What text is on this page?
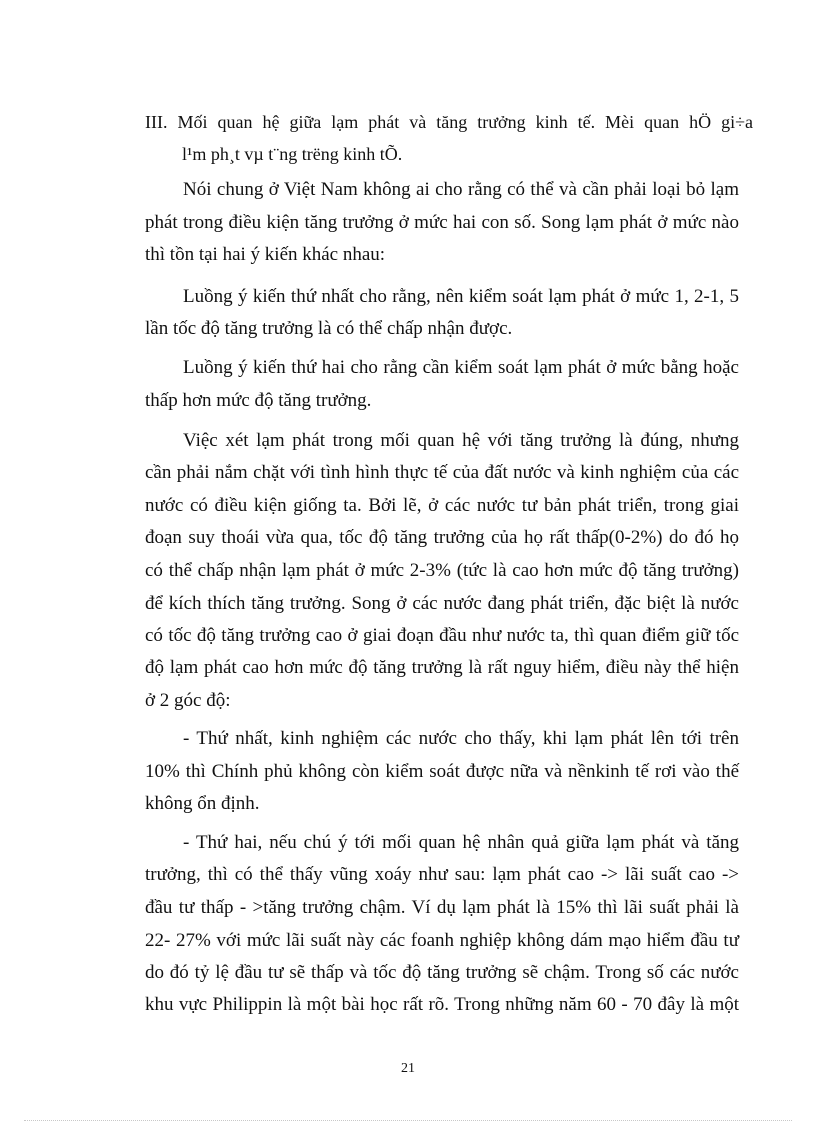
III. Mối quan hệ giữa lạm phát và tăng trưởng kinh tế. Mèi quan hÖ gi÷a
l¹m ph¸t vµ t¨ng trëng kinh tÕ.
Nói chung ở Việt Nam không ai cho rằng có thể và cần phải loại bỏ lạm
phát trong điều kiện tăng trưởng ở mức hai con số. Song lạm phát ở mức nào
thì tồn tại hai ý kiến khác nhau:
Luồng ý kiến thứ nhất cho rằng, nên kiểm soát lạm phát ở mức 1, 2-1, 5
lần tốc độ tăng trưởng là có thể chấp nhận được.
Luồng ý kiến thứ hai cho rằng cần kiểm soát lạm phát ở mức bằng hoặc
thấp hơn mức độ tăng trưởng.
Việc xét lạm phát trong mối quan hệ với tăng trưởng là đúng, nhưng
cần phải nắm chặt với tình hình thực tế của đất nước và kinh nghiệm của các
nước có điều kiện giống ta. Bởi lẽ, ở các nước tư bản phát triển, trong giai
đoạn suy thoái vừa qua, tốc độ tăng trưởng của họ rất thấp(0-2%) do đó họ
có thể chấp nhận lạm phát ở mức 2-3% (tức là cao hơn mức độ tăng trưởng)
để kích thích tăng trưởng. Song ở các nước đang phát triển, đặc biệt là nước
có tốc độ tăng trưởng cao ở giai đoạn đầu như nước ta, thì quan điểm giữ tốc
độ lạm phát cao hơn mức độ tăng trưởng là rất nguy hiểm, điều này thể hiện
ở 2 góc độ:
- Thứ nhất, kinh nghiệm các nước cho thấy, khi lạm phát lên tới trên
10% thì Chính phủ không còn kiểm soát được nữa và nềnkinh tế rơi vào thế
không ổn định.
- Thứ hai, nếu chú ý tới mối quan hệ nhân quả giữa lạm phát và tăng
trưởng, thì có thể thấy vũng xoáy như sau: lạm phát cao -> lãi suất cao ->
đầu tư thấp - >tăng trưởng chậm. Ví dụ lạm phát là 15% thì lãi suất phải là
22- 27% với mức lãi suất này các foanh nghiệp không dám mạo hiểm đầu tư
do đó tỷ lệ đầu tư sẽ thấp và tốc độ tăng trưởng sẽ chậm. Trong số các nước
khu vực Philippin là một bài học rất rõ. Trong những năm 60 - 70 đây là một
21
